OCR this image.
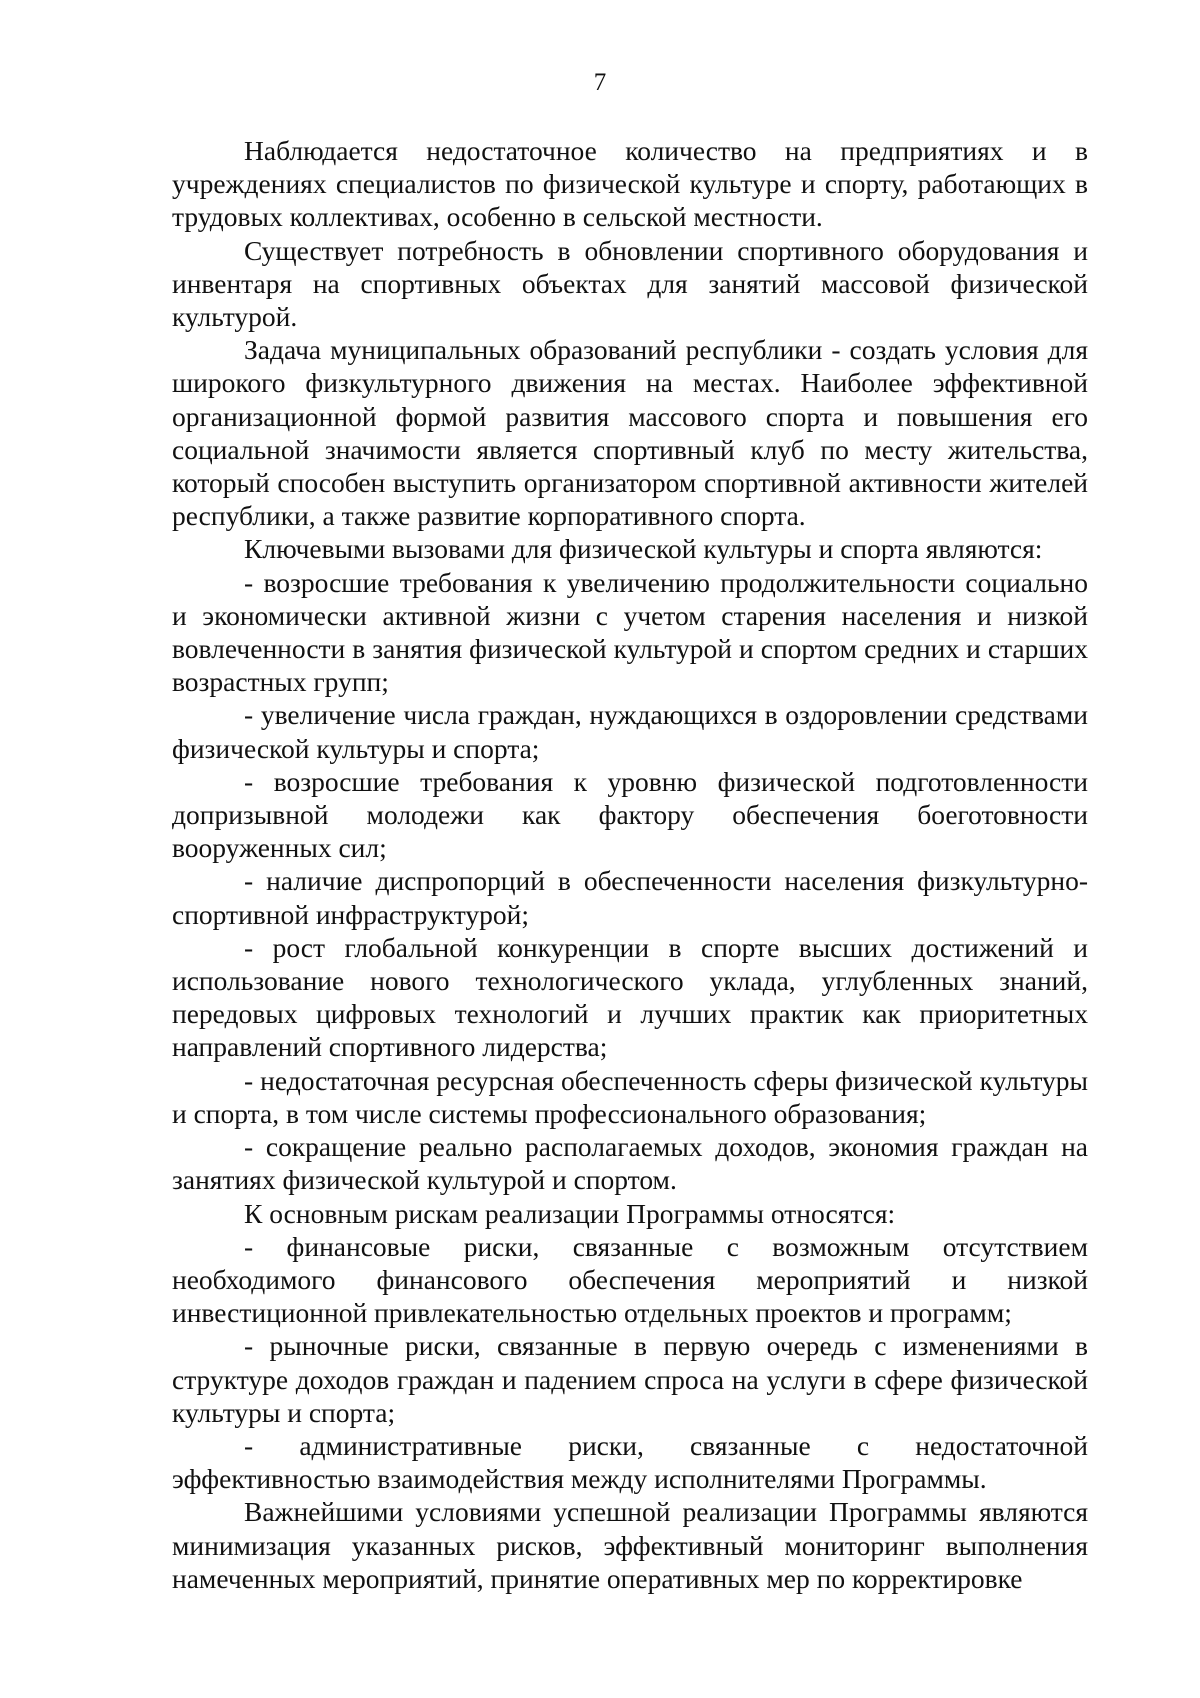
7

Наблюдается недостаточное количество на предприятиях и в учреждениях специалистов по физической культуре и спорту, работающих в трудовых коллективах, особенно в сельской местности.

Существует потребность в обновлении спортивного оборудования и инвентаря на спортивных объектах для занятий массовой физической культурой.

Задача муниципальных образований республики - создать условия для широкого физкультурного движения на местах. Наиболее эффективной организационной формой развития массового спорта и повышения его социальной значимости является спортивный клуб по месту жительства, который способен выступить организатором спортивной активности жителей республики, а также развитие корпоративного спорта.

Ключевыми вызовами для физической культуры и спорта являются:

- возросшие требования к увеличению продолжительности социально и экономически активной жизни с учетом старения населения и низкой вовлеченности в занятия физической культурой и спортом средних и старших возрастных групп;

- увеличение числа граждан, нуждающихся в оздоровлении средствами физической культуры и спорта;

- возросшие требования к уровню физической подготовленности допризывной молодежи как фактору обеспечения боеготовности вооруженных сил;

- наличие диспропорций в обеспеченности населения физкультурно-спортивной инфраструктурой;

- рост глобальной конкуренции в спорте высших достижений и использование нового технологического уклада, углубленных знаний, передовых цифровых технологий и лучших практик как приоритетных направлений спортивного лидерства;

- недостаточная ресурсная обеспеченность сферы физической культуры и спорта, в том числе системы профессионального образования;

- сокращение реально располагаемых доходов, экономия граждан на занятиях физической культурой и спортом.

К основным рискам реализации Программы относятся:

- финансовые риски, связанные с возможным отсутствием необходимого финансового обеспечения мероприятий и низкой инвестиционной привлекательностью отдельных проектов и программ;

- рыночные риски, связанные в первую очередь с изменениями в структуре доходов граждан и падением спроса на услуги в сфере физической культуры и спорта;

- административные риски, связанные с недостаточной эффективностью взаимодействия между исполнителями Программы.

Важнейшими условиями успешной реализации Программы являются минимизация указанных рисков, эффективный мониторинг выполнения намеченных мероприятий, принятие оперативных мер по корректировке
